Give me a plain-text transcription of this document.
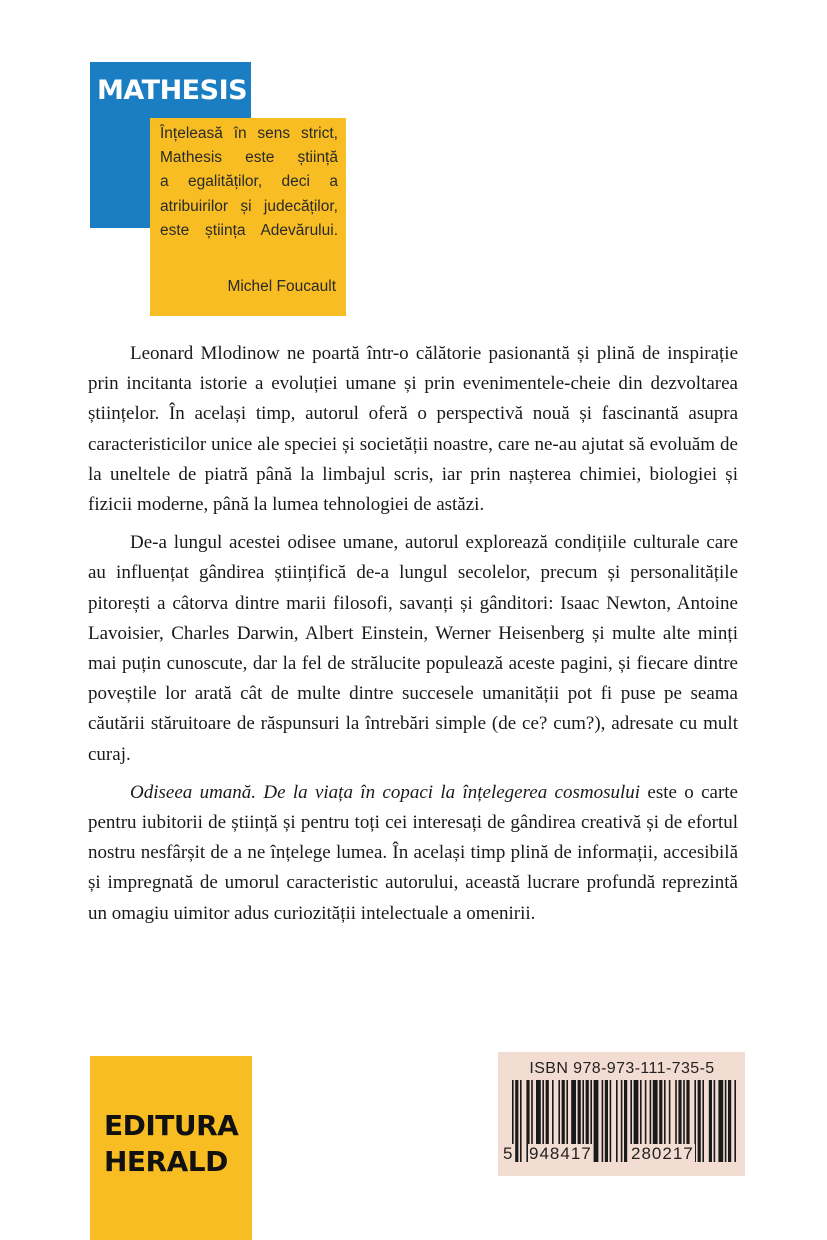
MATHESIS
Înțeleasă în sens strict,
Mathesis este știință
a egalităților, deci a
atribuirilor și judecăților,
este știința Adevărului.
Michel Foucault

Leonard Mlodinow ne poartă într-o călătorie pasionantă și plină de inspirație prin incitanta istorie a evoluției umane și prin evenimentele-cheie din dezvoltarea științelor. În același timp, autorul oferă o perspectivă nouă și fascinantă asupra caracteristicilor unice ale speciei și societății noastre, care ne-au ajutat să evoluăm de la uneltele de piatră până la limbajul scris, iar prin nașterea chimiei, biologiei și fizicii moderne, până la lumea tehnologiei de astăzi.

De-a lungul acestei odisee umane, autorul explorează condițiile culturale care au influențat gândirea științifică de-a lungul secolelor, precum și personalitățile pitorești a câtorva dintre marii filosofi, savanți și gânditori: Isaac Newton, Antoine Lavoisier, Charles Darwin, Albert Einstein, Werner Heisenberg și multe alte minți mai puțin cunoscute, dar la fel de strălucite populează aceste pagini, și fiecare dintre poveștile lor arată cât de multe dintre succesele umanității pot fi puse pe seama căutării stăruitoare de răspunsuri la întrebări simple (de ce? cum?), adresate cu mult curaj.

Odiseea umană. De la viața în copaci la înțelegerea cosmosului este o carte pentru iubitorii de știință și pentru toți cei interesați de gândirea creativă și de efortul nostru nesfârșit de a ne înțelege lumea. În același timp plină de informații, accesibilă și impregnată de umorul caracteristic autorului, această lucrare profundă reprezintă un omagiu uimitor adus curiozității intelectuale a omenirii.

EDITURA
HERALD
ISBN 978-973-111-735-5
5 948417 280217
